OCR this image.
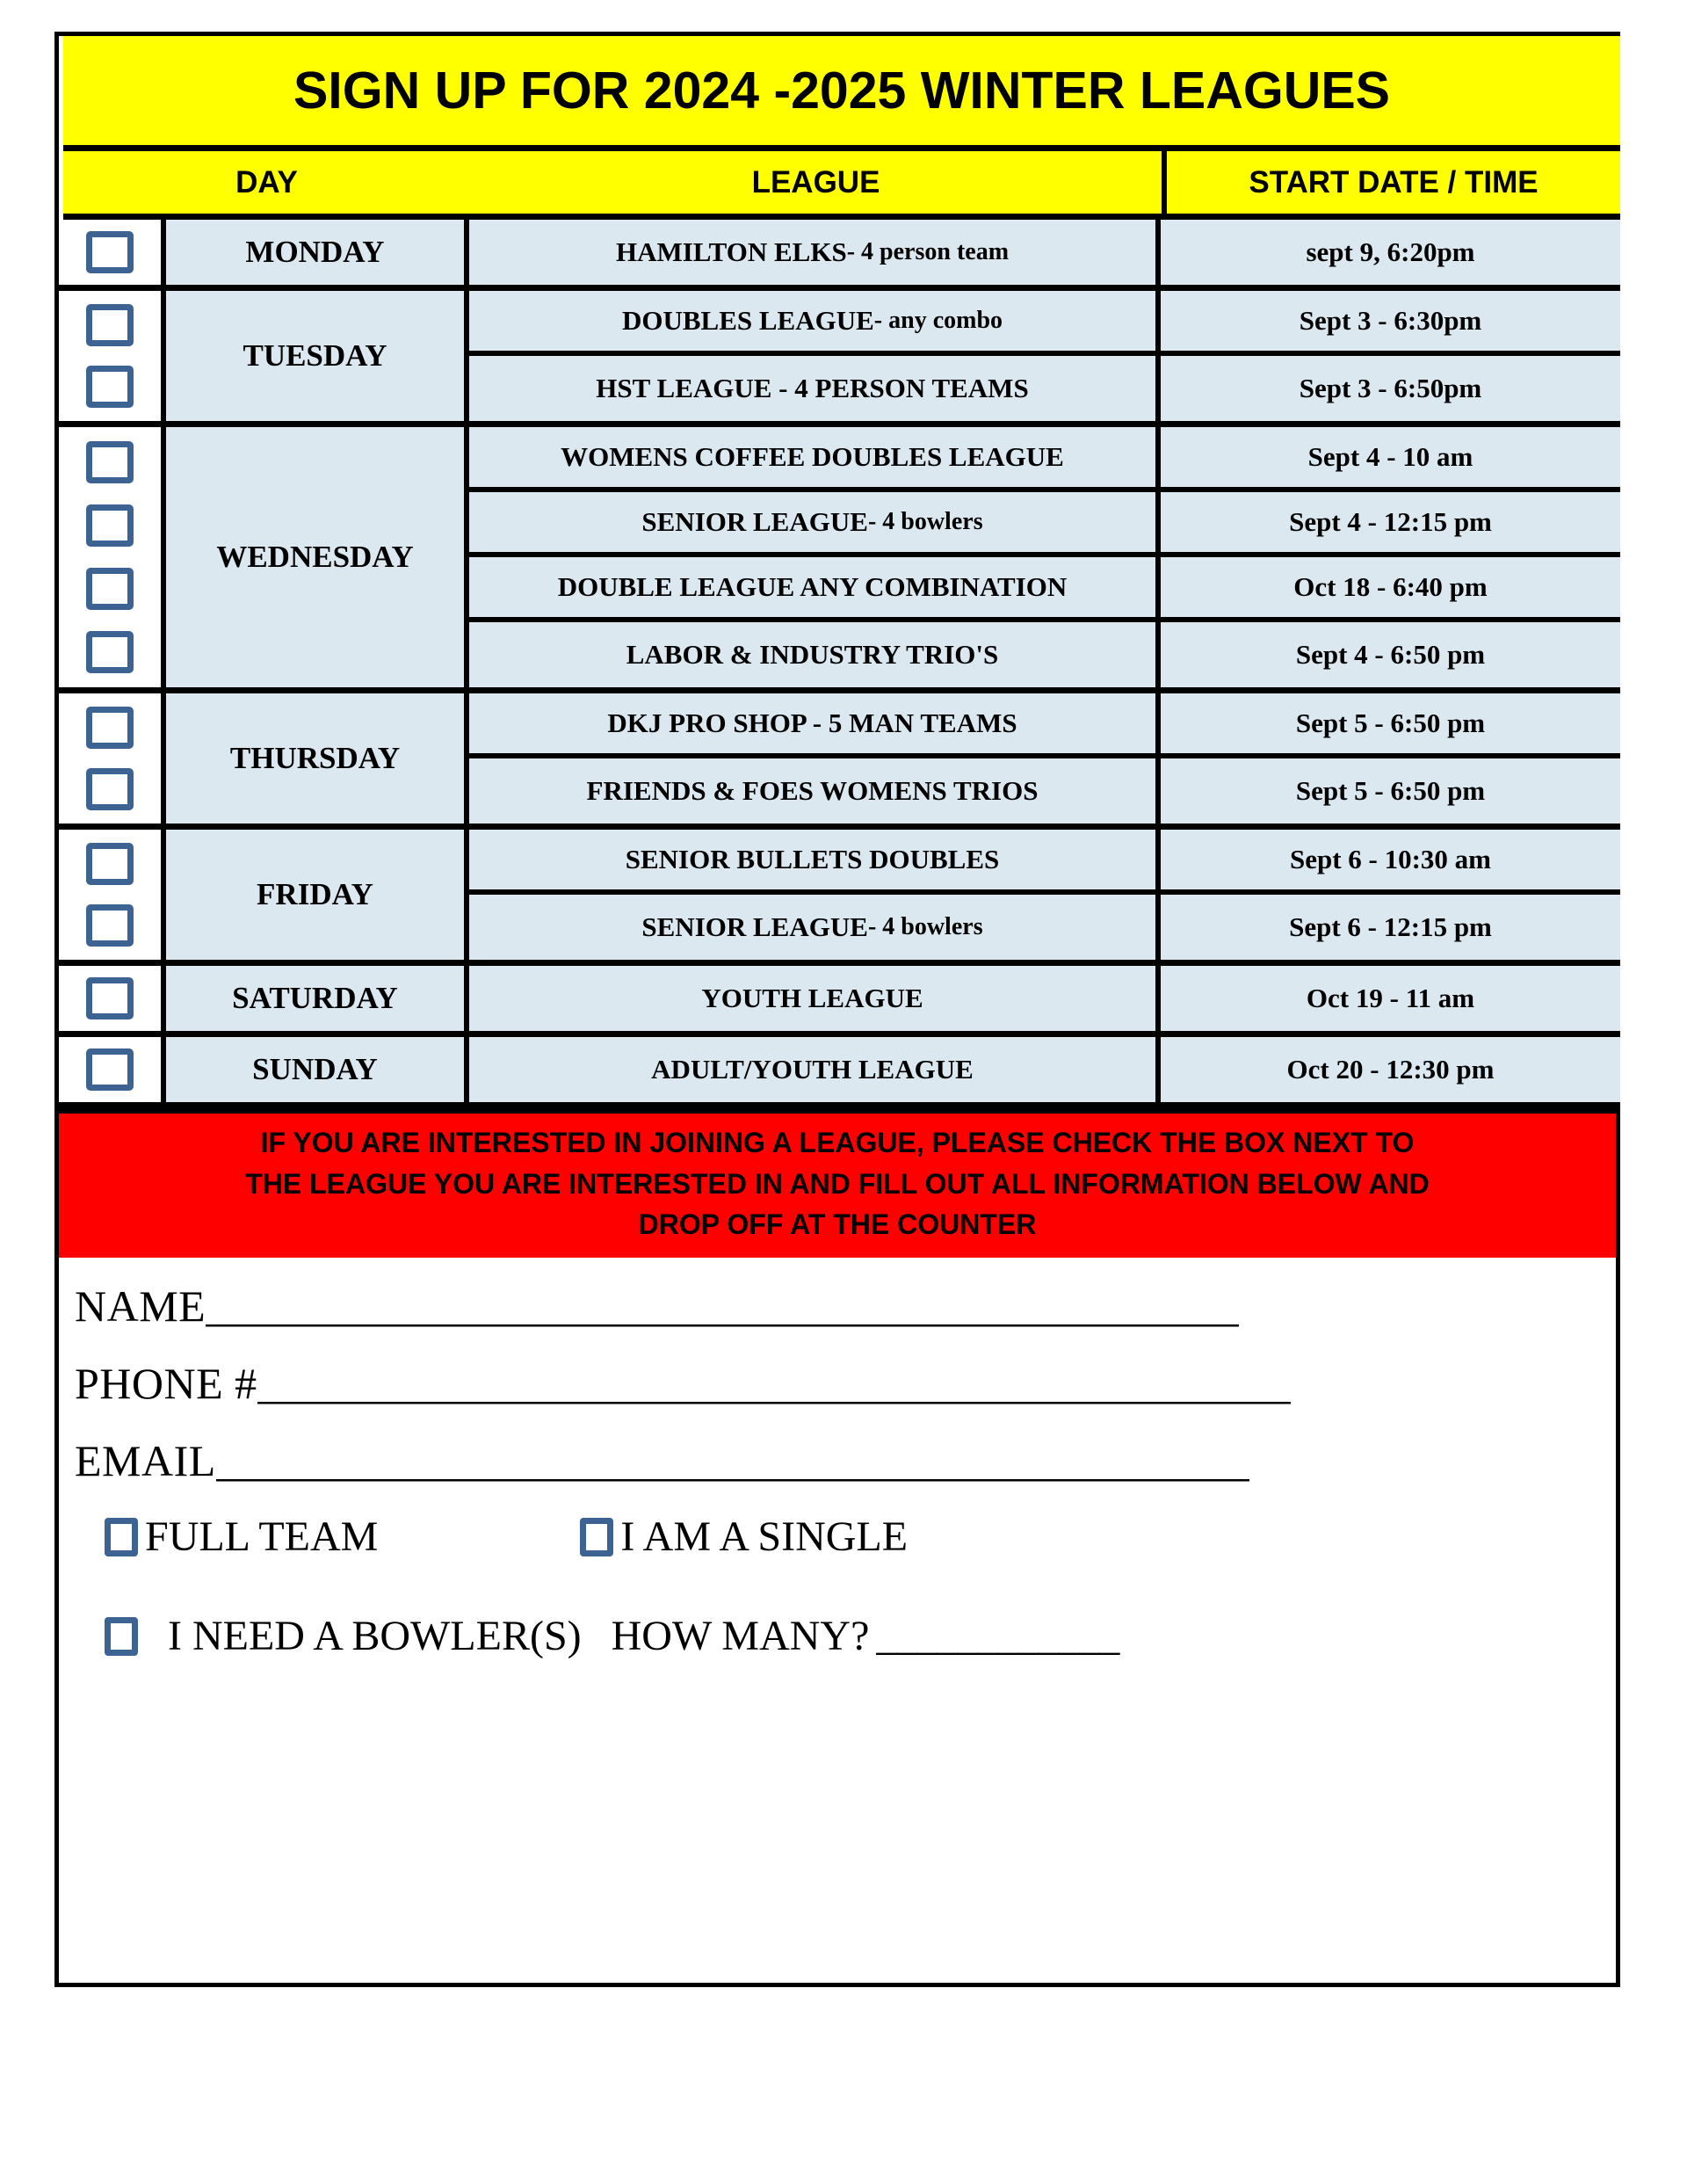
SIGN UP FOR 2024 -2025 WINTER LEAGUES
DAY	LEAGUE	START DATE / TIME
MONDAY	HAMILTON ELKS - 4 person team	sept 9, 6:20pm
TUESDAY
DOUBLES LEAGUE - any combo	Sept 3 - 6:30pm
HST LEAGUE - 4 PERSON TEAMS	Sept 3 - 6:50pm
WEDNESDAY
WOMENS COFFEE DOUBLES LEAGUE	Sept 4 - 10 am
SENIOR LEAGUE - 4 bowlers	Sept 4 - 12:15 pm
DOUBLE LEAGUE ANY COMBINATION	Oct 18 - 6:40 pm
LABOR & INDUSTRY TRIO'S	Sept 4 - 6:50 pm
THURSDAY
DKJ PRO SHOP - 5 MAN TEAMS	Sept 5 - 6:50 pm
FRIENDS & FOES WOMENS TRIOS	Sept 5 - 6:50 pm
FRIDAY
SENIOR BULLETS DOUBLES	Sept 6 - 10:30 am
SENIOR LEAGUE - 4 bowlers	Sept 6 - 12:15 pm
SATURDAY	YOUTH LEAGUE	Oct 19 - 11 am
SUNDAY	ADULT/YOUTH LEAGUE	Oct 20 - 12:30 pm
IF YOU ARE INTERESTED IN JOINING A LEAGUE, PLEASE CHECK THE BOX NEXT TO
THE LEAGUE YOU ARE INTERESTED IN AND FILL OUT ALL INFORMATION BELOW AND
DROP OFF AT THE COUNTER
NAME _________________________________________________
PHONE # _________________________________________________
EMAIL _________________________________________________
FULL TEAM	I AM A SINGLE
I NEED A BOWLER(S) HOW MANY? ____________
